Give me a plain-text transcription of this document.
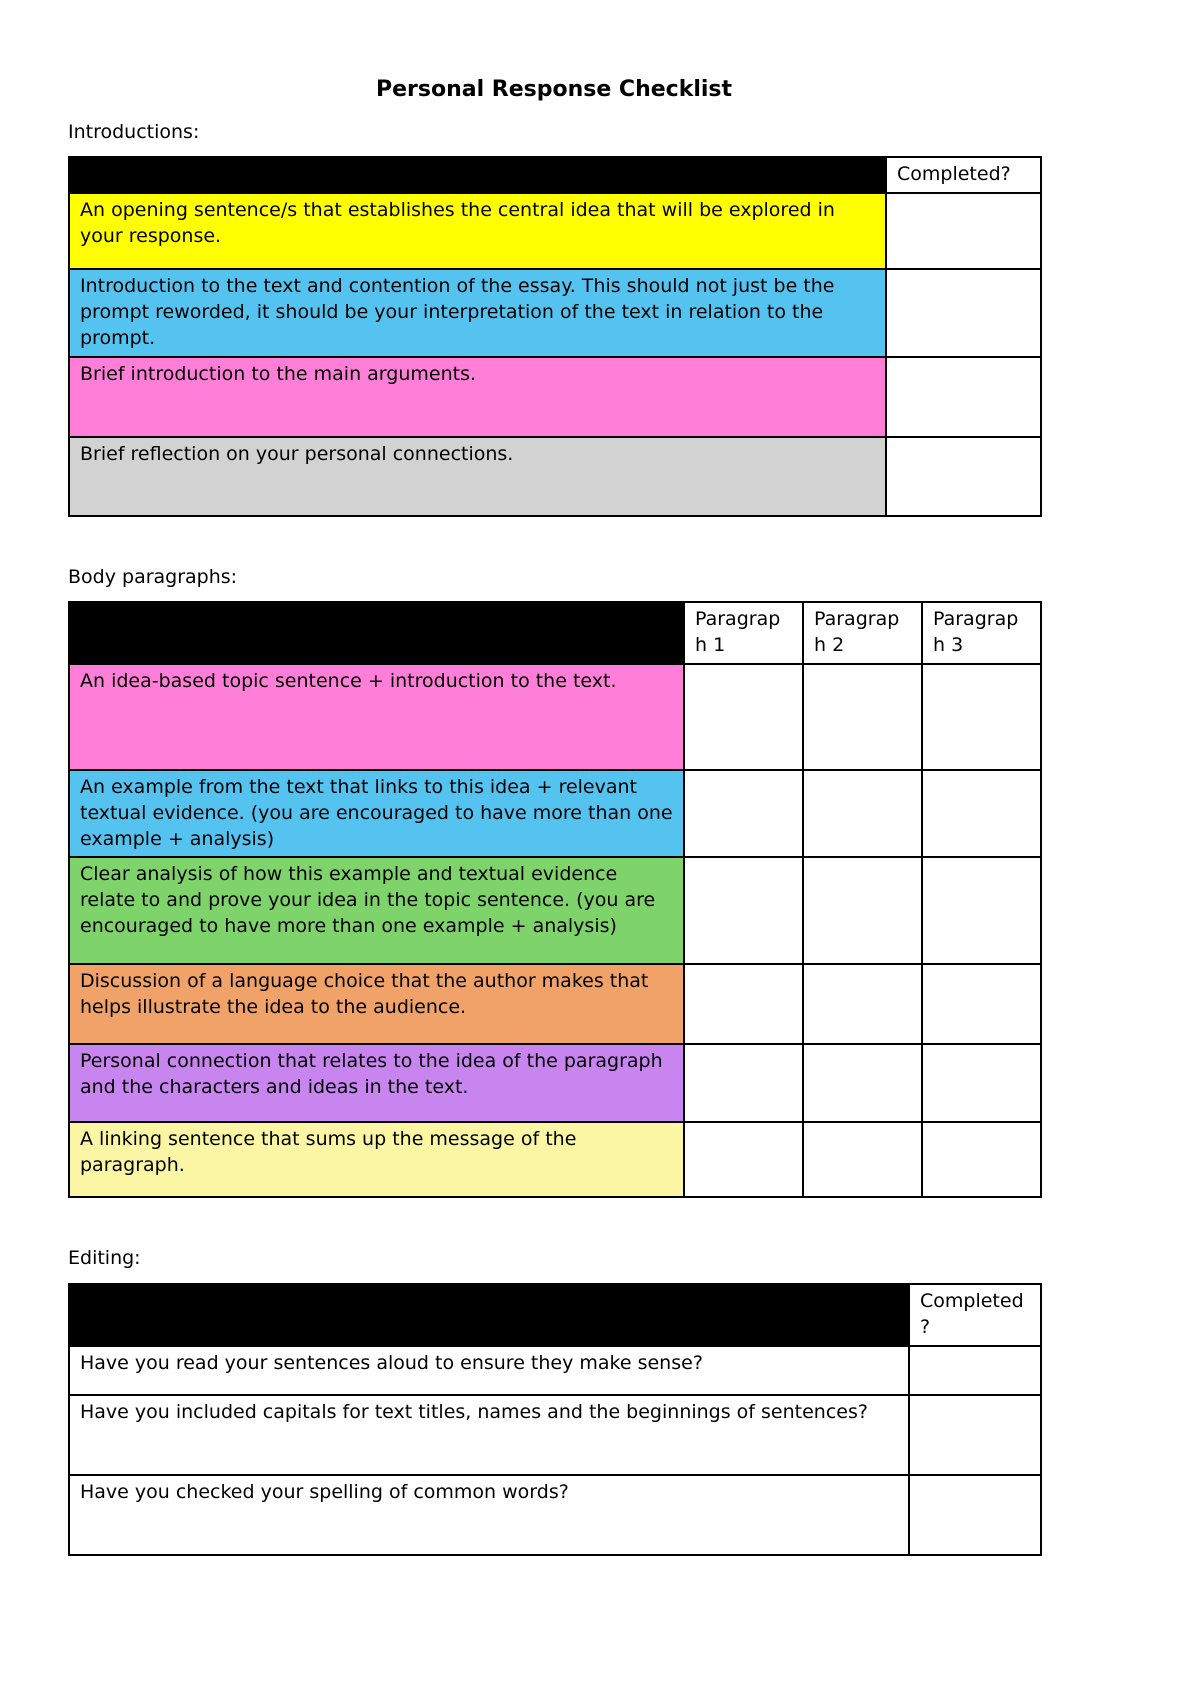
Personal Response Checklist
Introductions:
	Completed?
An opening sentence/s that establishes the central idea that will be explored in your response.	
Introduction to the text and contention of the essay. This should not just be the prompt reworded, it should be your interpretation of the text in relation to the prompt.	
Brief introduction to the main arguments.	
Brief reflection on your personal connections.	
Body paragraphs:
	Paragraph 1	Paragraph 2	Paragraph 3
An idea-based topic sentence + introduction to the text.			
An example from the text that links to this idea + relevant textual evidence. (you are encouraged to have more than one example + analysis)			
Clear analysis of how this example and textual evidence relate to and prove your idea in the topic sentence. (you are encouraged to have more than one example + analysis)			
Discussion of a language choice that the author makes that helps illustrate the idea to the audience.			
Personal connection that relates to the idea of the paragraph and the characters and ideas in the text.			
A linking sentence that sums up the message of the paragraph.			
Editing:
	Completed?
Have you read your sentences aloud to ensure they make sense?	
Have you included capitals for text titles, names and the beginnings of sentences?	
Have you checked your spelling of common words?	
